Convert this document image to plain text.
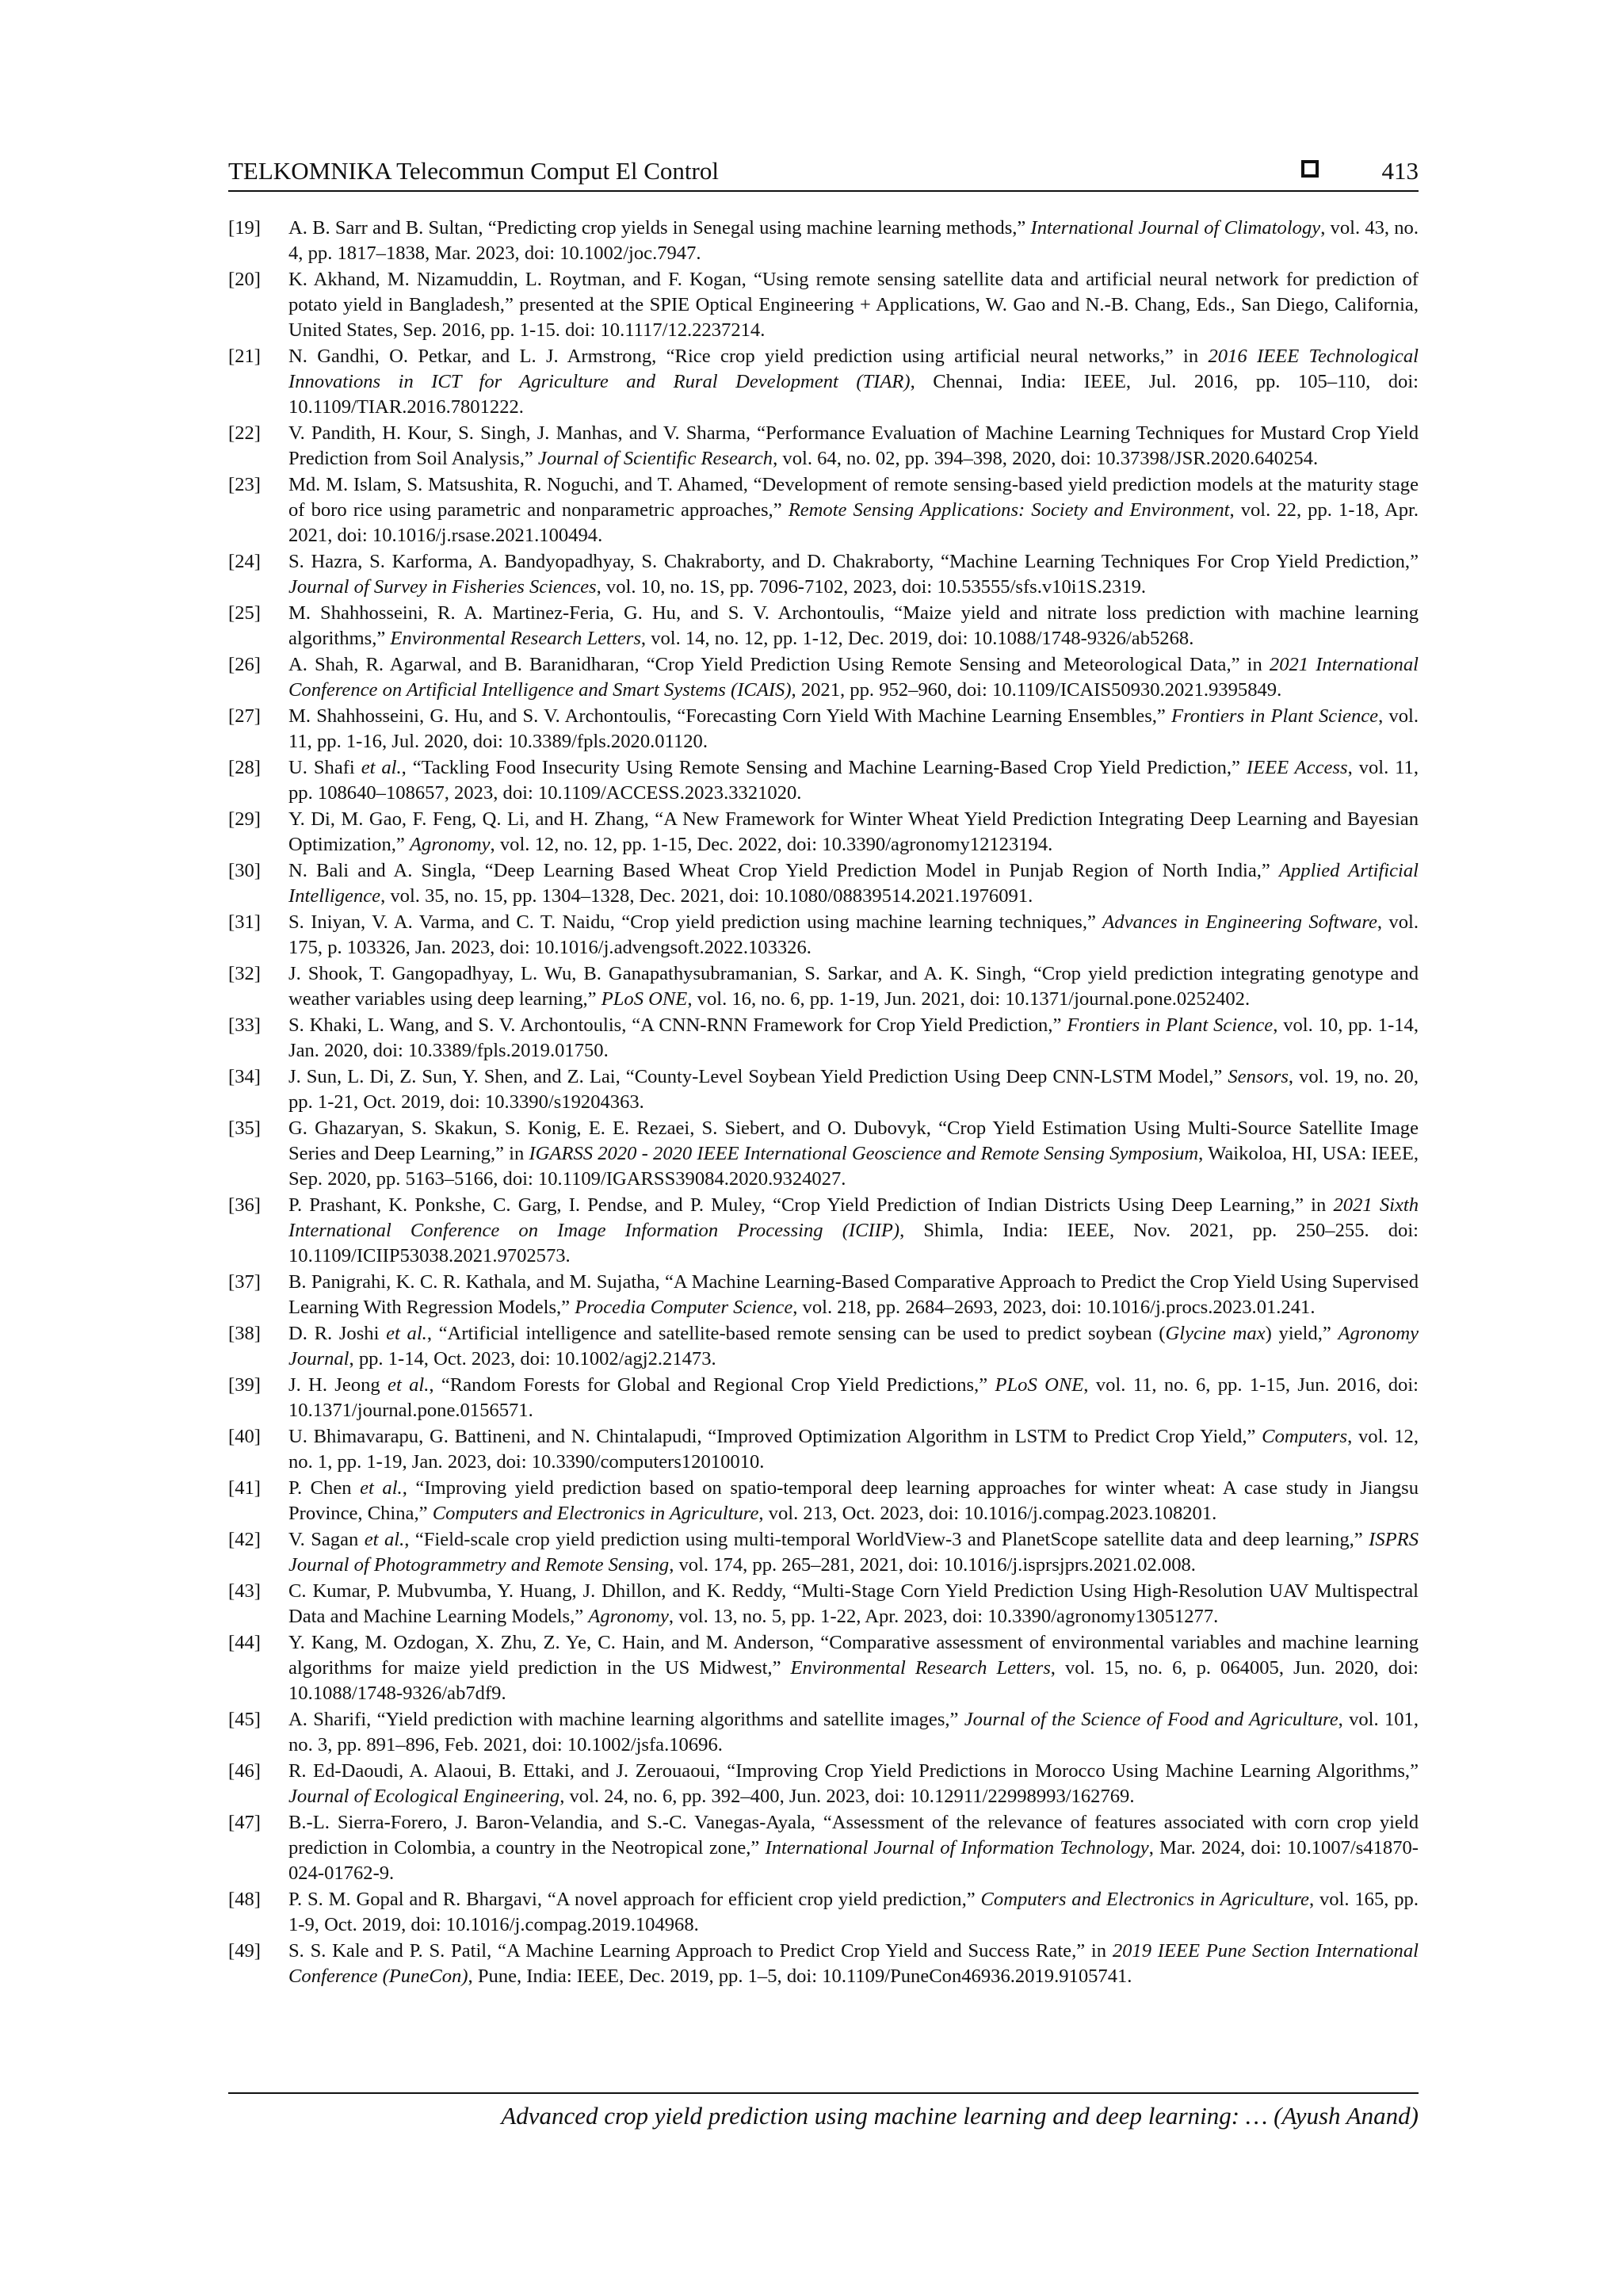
TELKOMNIKA Telecommun Comput El Control	413
[19] A. B. Sarr and B. Sultan, “Predicting crop yields in Senegal using machine learning methods,” International Journal of Climatology, vol. 43, no. 4, pp. 1817–1838, Mar. 2023, doi: 10.1002/joc.7947.
[20] K. Akhand, M. Nizamuddin, L. Roytman, and F. Kogan, “Using remote sensing satellite data and artificial neural network for prediction of potato yield in Bangladesh,” presented at the SPIE Optical Engineering + Applications, W. Gao and N.-B. Chang, Eds., San Diego, California, United States, Sep. 2016, pp. 1-15. doi: 10.1117/12.2237214.
[21] N. Gandhi, O. Petkar, and L. J. Armstrong, “Rice crop yield prediction using artificial neural networks,” in 2016 IEEE Technological Innovations in ICT for Agriculture and Rural Development (TIAR), Chennai, India: IEEE, Jul. 2016, pp. 105–110, doi: 10.1109/TIAR.2016.7801222.
[22] V. Pandith, H. Kour, S. Singh, J. Manhas, and V. Sharma, “Performance Evaluation of Machine Learning Techniques for Mustard Crop Yield Prediction from Soil Analysis,” Journal of Scientific Research, vol. 64, no. 02, pp. 394–398, 2020, doi: 10.37398/JSR.2020.640254.
[23] Md. M. Islam, S. Matsushita, R. Noguchi, and T. Ahamed, “Development of remote sensing-based yield prediction models at the maturity stage of boro rice using parametric and nonparametric approaches,” Remote Sensing Applications: Society and Environment, vol. 22, pp. 1-18, Apr. 2021, doi: 10.1016/j.rsase.2021.100494.
[24] S. Hazra, S. Karforma, A. Bandyopadhyay, S. Chakraborty, and D. Chakraborty, “Machine Learning Techniques For Crop Yield Prediction,” Journal of Survey in Fisheries Sciences, vol. 10, no. 1S, pp. 7096-7102, 2023, doi: 10.53555/sfs.v10i1S.2319.
[25] M. Shahhosseini, R. A. Martinez-Feria, G. Hu, and S. V. Archontoulis, “Maize yield and nitrate loss prediction with machine learning algorithms,” Environmental Research Letters, vol. 14, no. 12, pp. 1-12, Dec. 2019, doi: 10.1088/1748-9326/ab5268.
[26] A. Shah, R. Agarwal, and B. Baranidharan, “Crop Yield Prediction Using Remote Sensing and Meteorological Data,” in 2021 International Conference on Artificial Intelligence and Smart Systems (ICAIS), 2021, pp. 952–960, doi: 10.1109/ICAIS50930.2021.9395849.
[27] M. Shahhosseini, G. Hu, and S. V. Archontoulis, “Forecasting Corn Yield With Machine Learning Ensembles,” Frontiers in Plant Science, vol. 11, pp. 1-16, Jul. 2020, doi: 10.3389/fpls.2020.01120.
[28] U. Shafi et al., “Tackling Food Insecurity Using Remote Sensing and Machine Learning-Based Crop Yield Prediction,” IEEE Access, vol. 11, pp. 108640–108657, 2023, doi: 10.1109/ACCESS.2023.3321020.
[29] Y. Di, M. Gao, F. Feng, Q. Li, and H. Zhang, “A New Framework for Winter Wheat Yield Prediction Integrating Deep Learning and Bayesian Optimization,” Agronomy, vol. 12, no. 12, pp. 1-15, Dec. 2022, doi: 10.3390/agronomy12123194.
[30] N. Bali and A. Singla, “Deep Learning Based Wheat Crop Yield Prediction Model in Punjab Region of North India,” Applied Artificial Intelligence, vol. 35, no. 15, pp. 1304–1328, Dec. 2021, doi: 10.1080/08839514.2021.1976091.
[31] S. Iniyan, V. A. Varma, and C. T. Naidu, “Crop yield prediction using machine learning techniques,” Advances in Engineering Software, vol. 175, p. 103326, Jan. 2023, doi: 10.1016/j.advengsoft.2022.103326.
[32] J. Shook, T. Gangopadhyay, L. Wu, B. Ganapathysubramanian, S. Sarkar, and A. K. Singh, “Crop yield prediction integrating genotype and weather variables using deep learning,” PLoS ONE, vol. 16, no. 6, pp. 1-19, Jun. 2021, doi: 10.1371/journal.pone.0252402.
[33] S. Khaki, L. Wang, and S. V. Archontoulis, “A CNN-RNN Framework for Crop Yield Prediction,” Frontiers in Plant Science, vol. 10, pp. 1-14, Jan. 2020, doi: 10.3389/fpls.2019.01750.
[34] J. Sun, L. Di, Z. Sun, Y. Shen, and Z. Lai, “County-Level Soybean Yield Prediction Using Deep CNN-LSTM Model,” Sensors, vol. 19, no. 20, pp. 1-21, Oct. 2019, doi: 10.3390/s19204363.
[35] G. Ghazaryan, S. Skakun, S. Konig, E. E. Rezaei, S. Siebert, and O. Dubovyk, “Crop Yield Estimation Using Multi-Source Satellite Image Series and Deep Learning,” in IGARSS 2020 - 2020 IEEE International Geoscience and Remote Sensing Symposium, Waikoloa, HI, USA: IEEE, Sep. 2020, pp. 5163–5166, doi: 10.1109/IGARSS39084.2020.9324027.
[36] P. Prashant, K. Ponkshe, C. Garg, I. Pendse, and P. Muley, “Crop Yield Prediction of Indian Districts Using Deep Learning,” in 2021 Sixth International Conference on Image Information Processing (ICIIP), Shimla, India: IEEE, Nov. 2021, pp. 250–255. doi: 10.1109/ICIIP53038.2021.9702573.
[37] B. Panigrahi, K. C. R. Kathala, and M. Sujatha, “A Machine Learning-Based Comparative Approach to Predict the Crop Yield Using Supervised Learning With Regression Models,” Procedia Computer Science, vol. 218, pp. 2684–2693, 2023, doi: 10.1016/j.procs.2023.01.241.
[38] D. R. Joshi et al., “Artificial intelligence and satellite-based remote sensing can be used to predict soybean (Glycine max) yield,” Agronomy Journal, pp. 1-14, Oct. 2023, doi: 10.1002/agj2.21473.
[39] J. H. Jeong et al., “Random Forests for Global and Regional Crop Yield Predictions,” PLoS ONE, vol. 11, no. 6, pp. 1-15, Jun. 2016, doi: 10.1371/journal.pone.0156571.
[40] U. Bhimavarapu, G. Battineni, and N. Chintalapudi, “Improved Optimization Algorithm in LSTM to Predict Crop Yield,” Computers, vol. 12, no. 1, pp. 1-19, Jan. 2023, doi: 10.3390/computers12010010.
[41] P. Chen et al., “Improving yield prediction based on spatio-temporal deep learning approaches for winter wheat: A case study in Jiangsu Province, China,” Computers and Electronics in Agriculture, vol. 213, Oct. 2023, doi: 10.1016/j.compag.2023.108201.
[42] V. Sagan et al., “Field-scale crop yield prediction using multi-temporal WorldView-3 and PlanetScope satellite data and deep learning,” ISPRS Journal of Photogrammetry and Remote Sensing, vol. 174, pp. 265–281, 2021, doi: 10.1016/j.isprsjprs.2021.02.008.
[43] C. Kumar, P. Mubvumba, Y. Huang, J. Dhillon, and K. Reddy, “Multi-Stage Corn Yield Prediction Using High-Resolution UAV Multispectral Data and Machine Learning Models,” Agronomy, vol. 13, no. 5, pp. 1-22, Apr. 2023, doi: 10.3390/agronomy13051277.
[44] Y. Kang, M. Ozdogan, X. Zhu, Z. Ye, C. Hain, and M. Anderson, “Comparative assessment of environmental variables and machine learning algorithms for maize yield prediction in the US Midwest,” Environmental Research Letters, vol. 15, no. 6, p. 064005, Jun. 2020, doi: 10.1088/1748-9326/ab7df9.
[45] A. Sharifi, “Yield prediction with machine learning algorithms and satellite images,” Journal of the Science of Food and Agriculture, vol. 101, no. 3, pp. 891–896, Feb. 2021, doi: 10.1002/jsfa.10696.
[46] R. Ed-Daoudi, A. Alaoui, B. Ettaki, and J. Zerouaoui, “Improving Crop Yield Predictions in Morocco Using Machine Learning Algorithms,” Journal of Ecological Engineering, vol. 24, no. 6, pp. 392–400, Jun. 2023, doi: 10.12911/22998993/162769.
[47] B.-L. Sierra-Forero, J. Baron-Velandia, and S.-C. Vanegas-Ayala, “Assessment of the relevance of features associated with corn crop yield prediction in Colombia, a country in the Neotropical zone,” International Journal of Information Technology, Mar. 2024, doi: 10.1007/s41870-024-01762-9.
[48] P. S. M. Gopal and R. Bhargavi, “A novel approach for efficient crop yield prediction,” Computers and Electronics in Agriculture, vol. 165, pp. 1-9, Oct. 2019, doi: 10.1016/j.compag.2019.104968.
[49] S. S. Kale and P. S. Patil, “A Machine Learning Approach to Predict Crop Yield and Success Rate,” in 2019 IEEE Pune Section International Conference (PuneCon), Pune, India: IEEE, Dec. 2019, pp. 1–5, doi: 10.1109/PuneCon46936.2019.9105741.
Advanced crop yield prediction using machine learning and deep learning: … (Ayush Anand)
